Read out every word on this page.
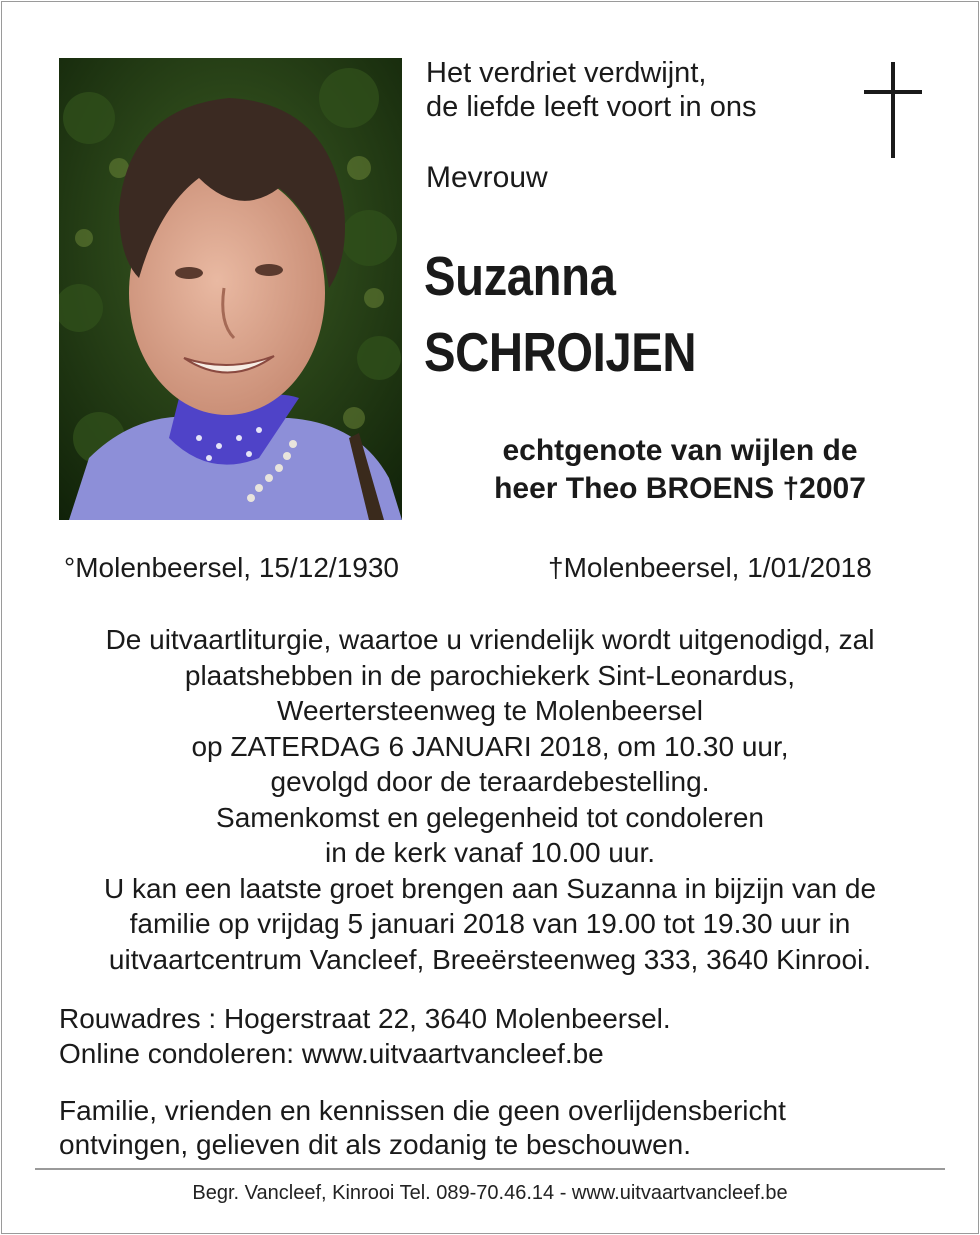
Het verdriet verdwijnt,
de liefde leeft voort in ons
Mevrouw
Suzanna
SCHROIJEN
echtgenote van wijlen de
heer Theo BROENS †2007
°Molenbeersel, 15/12/1930	†Molenbeersel, 1/01/2018
De uitvaartliturgie, waartoe u vriendelijk wordt uitgenodigd, zal
plaatshebben in de parochiekerk Sint-Leonardus,
Weertersteenweg te Molenbeersel
op ZATERDAG 6 JANUARI 2018, om 10.30 uur,
gevolgd door de teraardebestelling.
Samenkomst en gelegenheid tot condoleren
in de kerk vanaf 10.00 uur.
U kan een laatste groet brengen aan Suzanna in bijzijn van de
familie op vrijdag 5 januari 2018 van 19.00 tot 19.30 uur in
uitvaartcentrum Vancleef, Breeërsteenweg 333, 3640 Kinrooi.
Rouwadres : Hogerstraat 22, 3640 Molenbeersel.
Online condoleren: www.uitvaartvancleef.be
Familie, vrienden en kennissen die geen overlijdensbericht
ontvingen, gelieven dit als zodanig te beschouwen.
Begr. Vancleef, Kinrooi Tel. 089-70.46.14 - www.uitvaartvancleef.be
